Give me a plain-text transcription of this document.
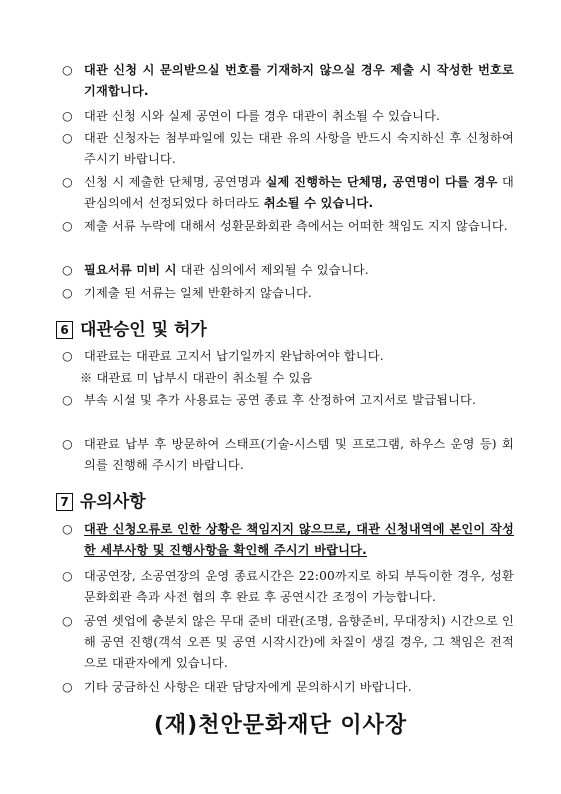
○ 대관 신청 시 문의받으실 번호를 기재하지 않으실 경우 제출 시 작성한 번호로 기재합니다.
○ 대관 신청 시와 실제 공연이 다를 경우 대관이 취소될 수 있습니다.
○ 대관 신청자는 첨부파일에 있는 대관 유의 사항을 반드시 숙지하신 후 신청하여 주시기 바랍니다.
○ 신청 시 제출한 단체명, 공연명과 실제 진행하는 단체명, 공연명이 다를 경우 대관심의에서 선정되었다 하더라도 취소될 수 있습니다.
○ 제출 서류 누락에 대해서 성환문화회관 측에서는 어떠한 책임도 지지 않습니다.
○ 필요서류 미비 시 대관 심의에서 제외될 수 있습니다.
○ 기제출 된 서류는 일체 반환하지 않습니다.
6 대관승인 및 허가
○ 대관료는 대관료 고지서 납기일까지 완납하여야 합니다.
※ 대관료 미 납부시 대관이 취소될 수 있음
○ 부속 시설 및 추가 사용료는 공연 종료 후 산정하여 고지서로 발급됩니다.
○ 대관료 납부 후 방문하여 스태프(기술-시스템 및 프로그램, 하우스 운영 등) 회의를 진행해 주시기 바랍니다.
7 유의사항
○ 대관 신청오류로 인한 상황은 책임지지 않으므로, 대관 신청내역에 본인이 작성한 세부사항 및 진행사항을 확인해 주시기 바랍니다.
○ 대공연장, 소공연장의 운영 종료시간은 22:00까지로 하되 부득이한 경우, 성환문화회관 측과 사전 협의 후 완료 후 공연시간 조정이 가능합니다.
○ 공연 셋업에 충분치 않은 무대 준비 대관(조명, 음향준비, 무대장치) 시간으로 인해 공연 진행(객석 오픈 및 공연 시작시간)에 차질이 생길 경우, 그 책임은 전적으로 대관자에게 있습니다.
○ 기타 궁금하신 사항은 대관 담당자에게 문의하시기 바랍니다.
(재)천안문화재단 이사장
